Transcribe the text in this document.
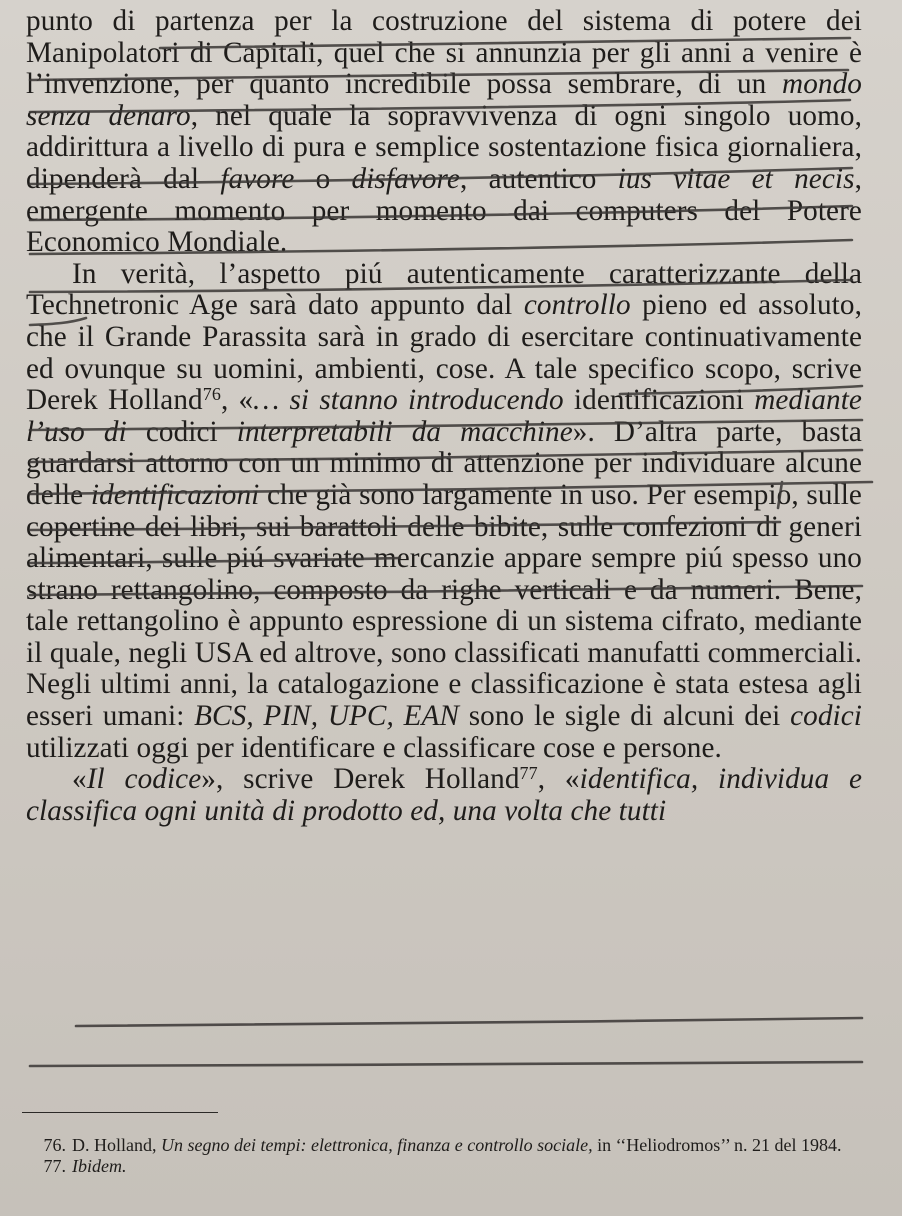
punto di partenza per la costruzione del sistema di potere dei Manipolatori di Capitali, quel che si annunzia per gli anni a venire è l’invenzione, per quanto incredibile possa sembrare, di un mondo senza denaro, nel quale la sopravvivenza di ogni singolo uomo, addirittura a livello di pura e semplice sostentazione fisica giornaliera, dipenderà dal favore o disfavore, autentico ius vitae et necis, emergente momento per momento dai computers del Potere Economico Mondiale.

In verità, l’aspetto piú autenticamente caratterizzante della Technetronic Age sarà dato appunto dal controllo pieno ed assoluto, che il Grande Parassita sarà in grado di esercitare continuativamente ed ovunque su uomini, ambienti, cose. A tale specifico scopo, scrive Derek Holland$^{76}$, «… si stanno introducendo identificazioni mediante l’uso di codici interpretabili da macchine». D’altra parte, basta guardarsi attorno con un minimo di attenzione per individuare alcune delle identificazioni che già sono largamente in uso. Per esempio, sulle copertine dei libri, sui barattoli delle bibite, sulle confezioni di generi alimentari, sulle piú svariate mercanzie appare sempre piú spesso uno strano rettangolino, composto da righe verticali e da numeri. Bene, tale rettangolino è appunto espressione di un sistema cifrato, mediante il quale, negli USA ed altrove, sono classificati manufatti commerciali. Negli ultimi anni, la catalogazione e classificazione è stata estesa agli esseri umani: BCS, PIN, UPC, EAN sono le sigle di alcuni dei codici utilizzati oggi per identificare e classificare cose e persone.

«Il codice», scrive Derek Holland$^{77}$, «identifica, individua e classifica ogni unità di prodotto ed, una volta che tutti

76. D. Holland, Un segno dei tempi: elettronica, finanza e controllo sociale, in ‘‘Heliodromos’’ n. 21 del 1984.

77. Ibidem.
